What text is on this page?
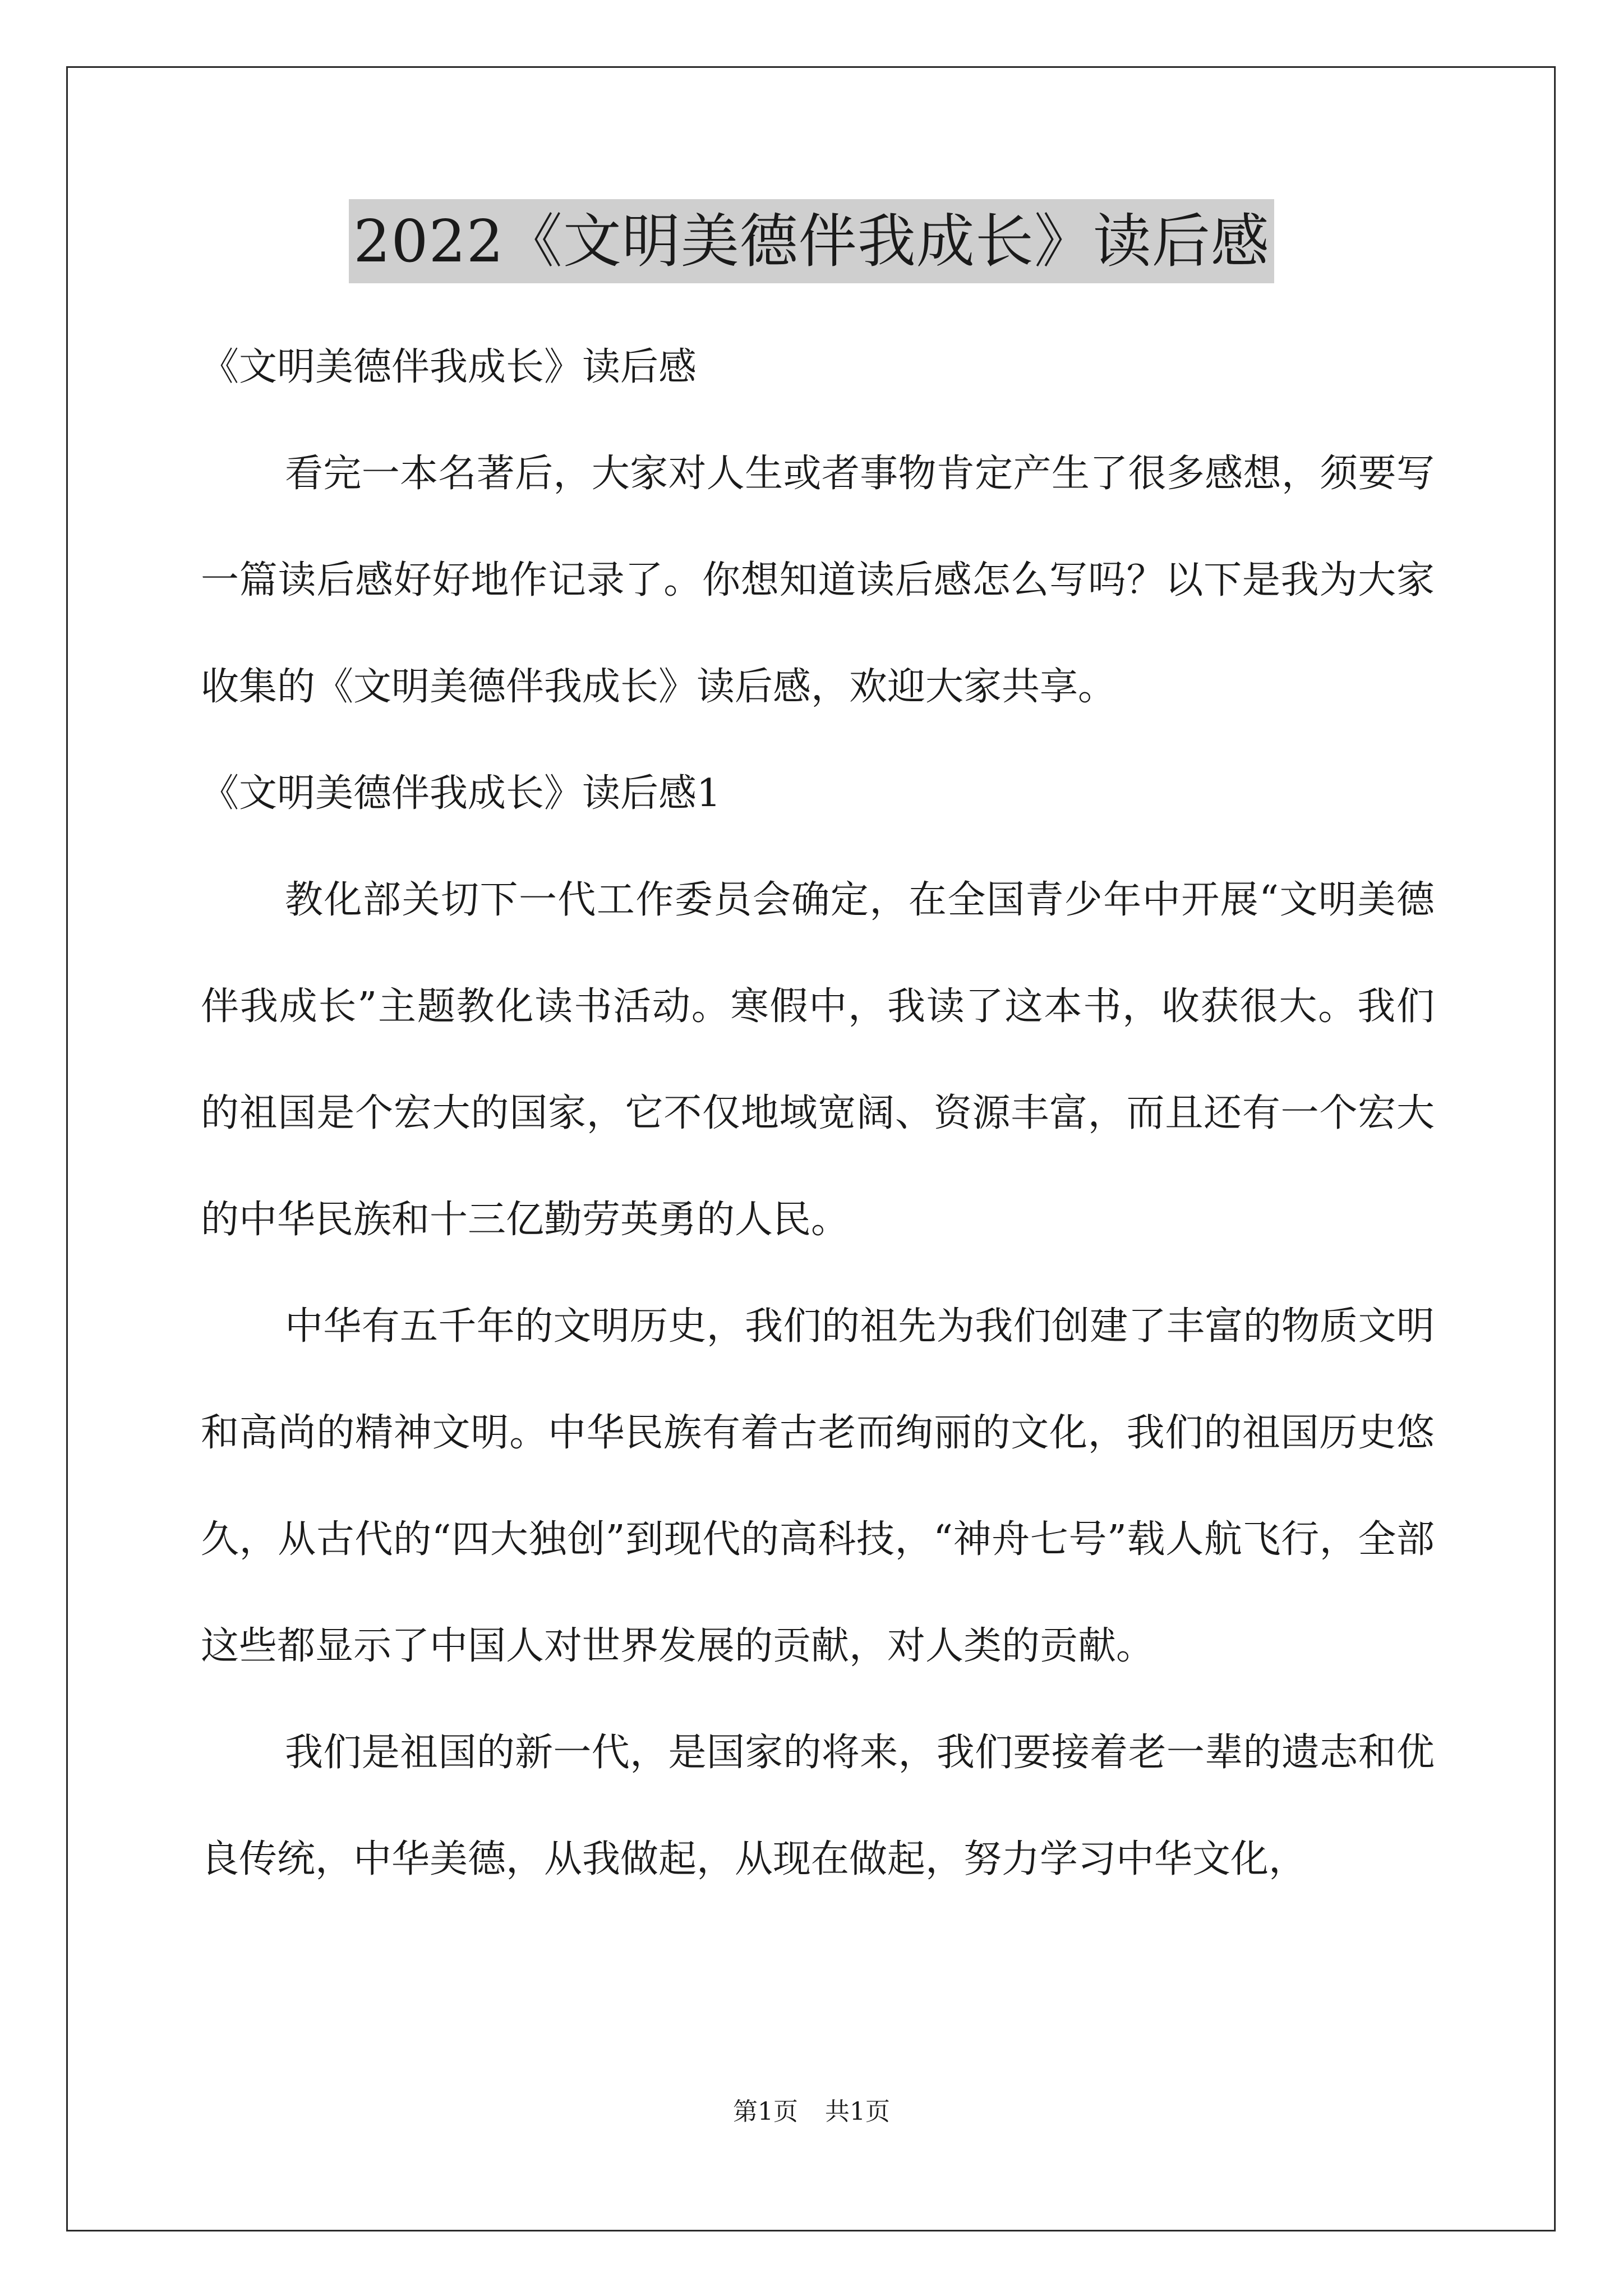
2022《文明美德伴我成长》读后感

《文明美德伴我成长》读后感

看完一本名著后，大家对人生或者事物肯定产生了很多感想，须要写一篇读后感好好地作记录了。你想知道读后感怎么写吗？以下是我为大家收集的《文明美德伴我成长》读后感，欢迎大家共享。

《文明美德伴我成长》读后感1

教化部关切下一代工作委员会确定，在全国青少年中开展“文明美德伴我成长”主题教化读书活动。寒假中，我读了这本书，收获很大。我们的祖国是个宏大的国家，它不仅地域宽阔、资源丰富，而且还有一个宏大的中华民族和十三亿勤劳英勇的人民。

中华有五千年的文明历史，我们的祖先为我们创建了丰富的物质文明和高尚的精神文明。中华民族有着古老而绚丽的文化，我们的祖国历史悠久，从古代的“四大独创”到现代的高科技，“神舟七号”载人航飞行，全部这些都显示了中国人对世界发展的贡献，对人类的贡献。

我们是祖国的新一代，是国家的将来，我们要接着老一辈的遗志和优良传统，中华美德，从我做起，从现在做起，努力学习中华文化，

第1页 共1页
